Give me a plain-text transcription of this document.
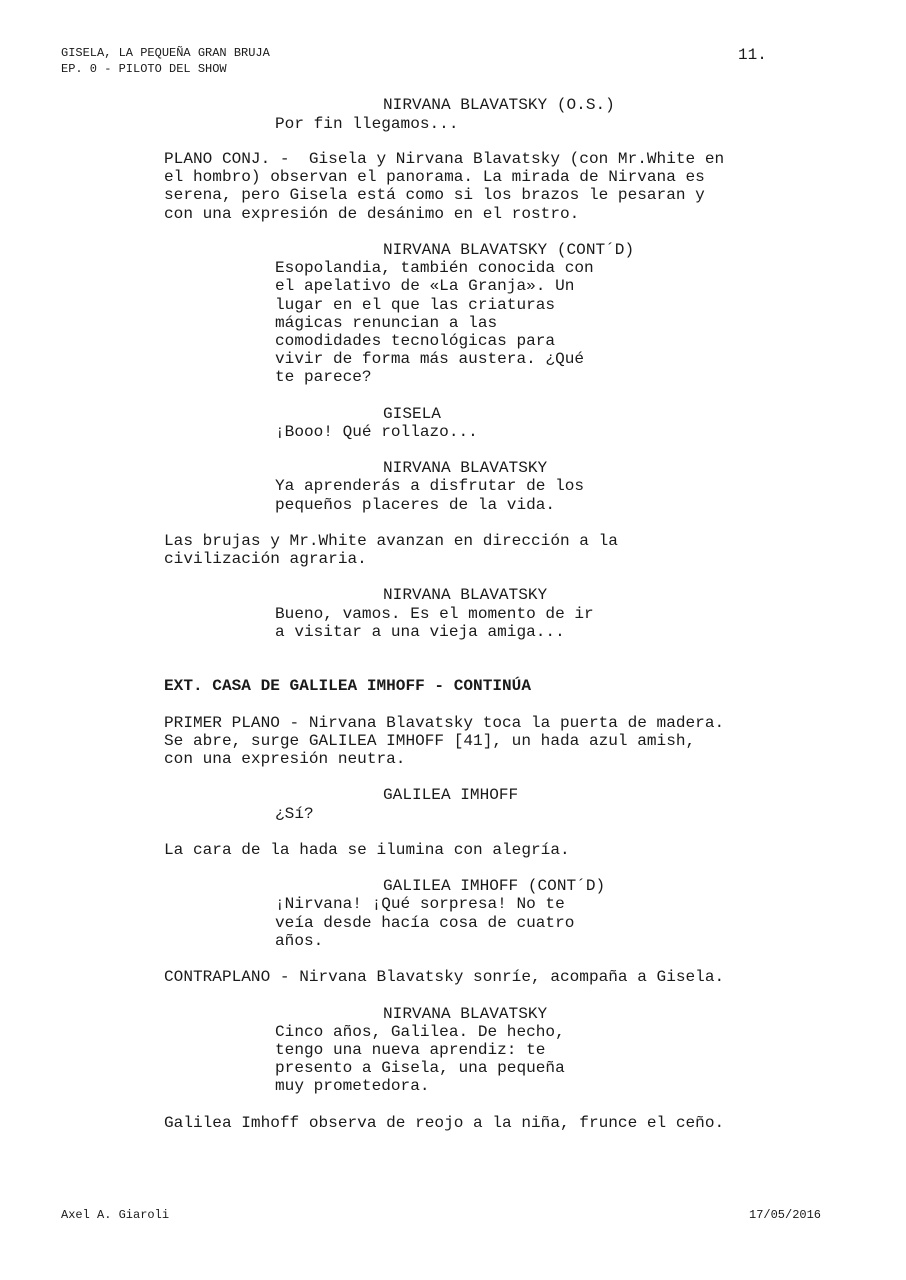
GISELA, LA PEQUEÑA GRAN BRUJA
EP. 0 - PILOTO DEL SHOW
11.
NIRVANA BLAVATSKY (O.S.)
Por fin llegamos...
PLANO CONJ. -  Gisela y Nirvana Blavatsky (con Mr.White en
el hombro) observan el panorama. La mirada de Nirvana es
serena, pero Gisela está como si los brazos le pesaran y
con una expresión de desánimo en el rostro.
NIRVANA BLAVATSKY (CONT´D)
Esopolandia, también conocida con
el apelativo de «La Granja». Un
lugar en el que las criaturas
mágicas renuncian a las
comodidades tecnológicas para
vivir de forma más austera. ¿Qué
te parece?
GISELA
¡Booo! Qué rollazo...
NIRVANA BLAVATSKY
Ya aprenderás a disfrutar de los
pequeños placeres de la vida.
Las brujas y Mr.White avanzan en dirección a la
civilización agraria.
NIRVANA BLAVATSKY
Bueno, vamos. Es el momento de ir
a visitar a una vieja amiga...
EXT. CASA DE GALILEA IMHOFF - CONTINÚA
PRIMER PLANO - Nirvana Blavatsky toca la puerta de madera.
Se abre, surge GALILEA IMHOFF [41], un hada azul amish,
con una expresión neutra.
GALILEA IMHOFF
¿Sí?
La cara de la hada se ilumina con alegría.
GALILEA IMHOFF (CONT´D)
¡Nirvana! ¡Qué sorpresa! No te
veía desde hacía cosa de cuatro
años.
CONTRAPLANO - Nirvana Blavatsky sonríe, acompaña a Gisela.
NIRVANA BLAVATSKY
Cinco años, Galilea. De hecho,
tengo una nueva aprendiz: te
presento a Gisela, una pequeña
muy prometedora.
Galilea Imhoff observa de reojo a la niña, frunce el ceño.
Axel A. Giaroli	17/05/2016
